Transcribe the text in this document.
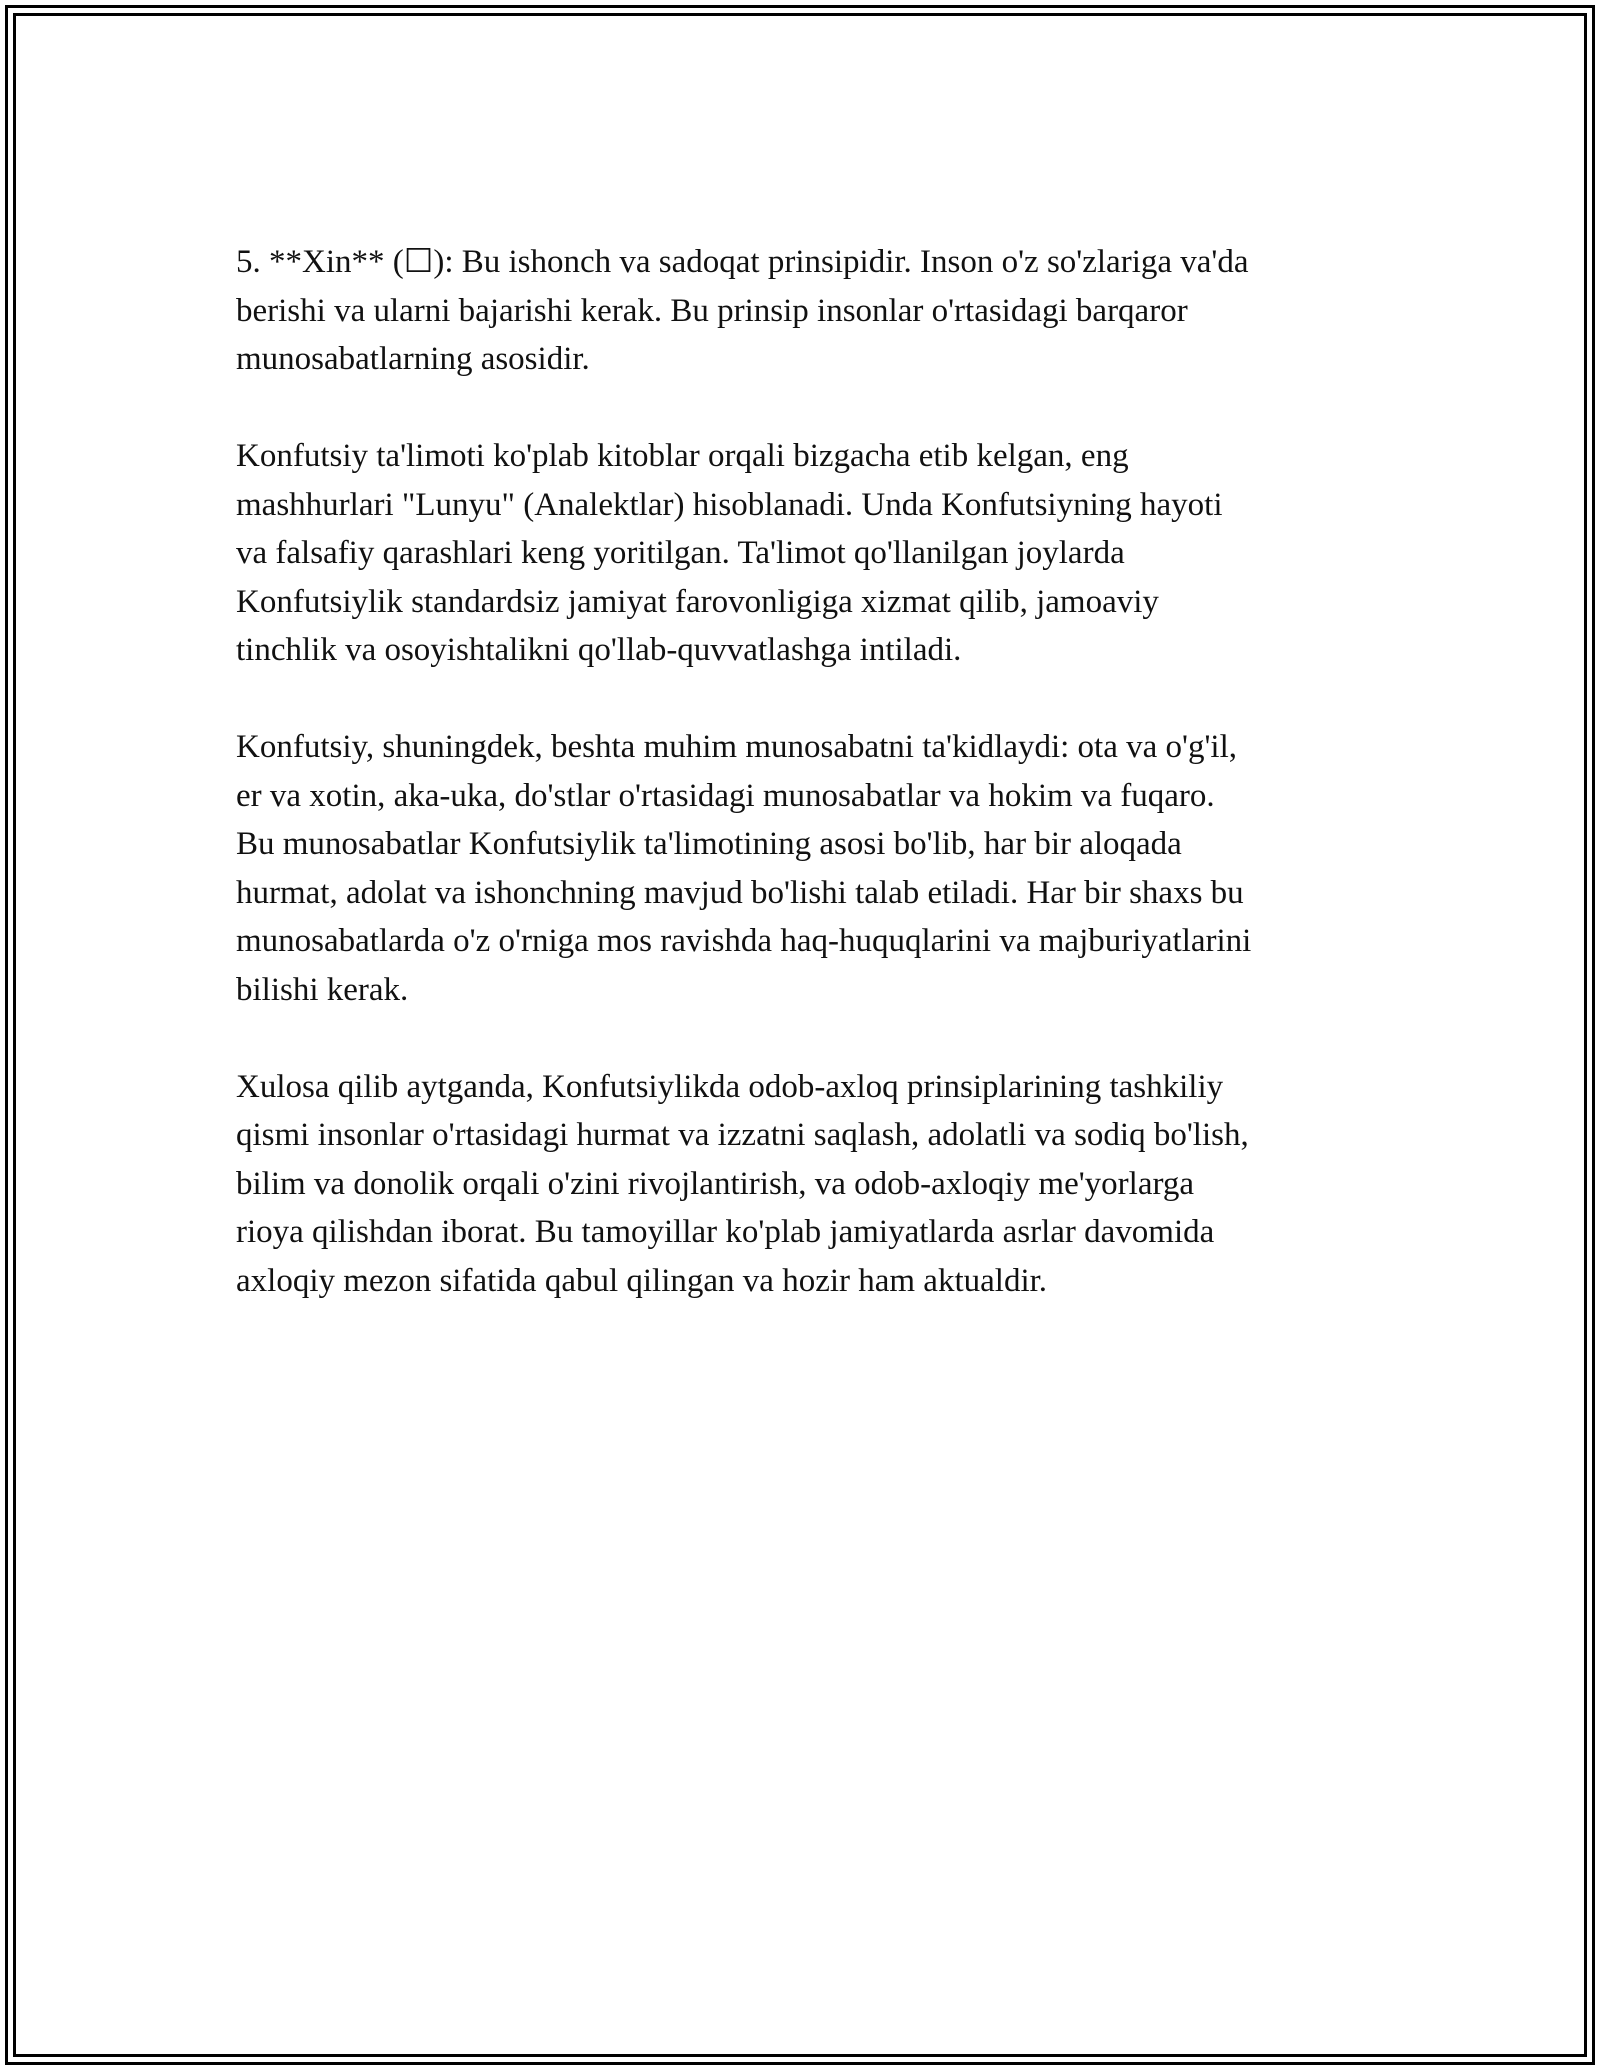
5. **Xin** (☐): Bu ishonch va sadoqat prinsipidir. Inson o'z so'zlariga va'da
berishi va ularni bajarishi kerak. Bu prinsip insonlar o'rtasidagi barqaror
munosabatlarning asosidir.

Konfutsiy ta'limoti ko'plab kitoblar orqali bizgacha etib kelgan, eng
mashhurlari "Lunyu" (Analektlar) hisoblanadi. Unda Konfutsiyning hayoti
va falsafiy qarashlari keng yoritilgan. Ta'limot qo'llanilgan joylarda
Konfutsiylik standardsiz jamiyat farovonligiga xizmat qilib, jamoaviy
tinchlik va osoyishtalikni qo'llab-quvvatlashga intiladi.

Konfutsiy, shuningdek, beshta muhim munosabatni ta'kidlaydi: ota va o'g'il,
er va xotin, aka-uka, do'stlar o'rtasidagi munosabatlar va hokim va fuqaro.
Bu munosabatlar Konfutsiylik ta'limotining asosi bo'lib, har bir aloqada
hurmat, adolat va ishonchning mavjud bo'lishi talab etiladi. Har bir shaxs bu
munosabatlarda o'z o'rniga mos ravishda haq-huquqlarini va majburiyatlarini
bilishi kerak.

Xulosa qilib aytganda, Konfutsiylikda odob-axloq prinsiplarining tashkiliy
qismi insonlar o'rtasidagi hurmat va izzatni saqlash, adolatli va sodiq bo'lish,
bilim va donolik orqali o'zini rivojlantirish, va odob-axloqiy me'yorlarga
rioya qilishdan iborat. Bu tamoyillar ko'plab jamiyatlarda asrlar davomida
axloqiy mezon sifatida qabul qilingan va hozir ham aktualdir.
